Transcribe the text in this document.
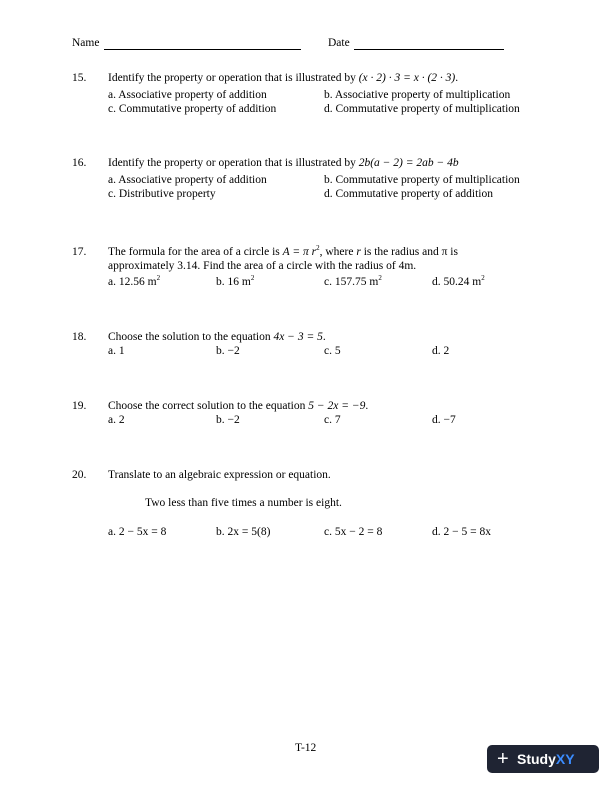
Name	Date
15. Identify the property or operation that is illustrated by (x · 2) · 3 = x · (2 · 3).
a. Associative property of addition	b. Associative property of multiplication
c. Commutative property of addition	d. Commutative property of multiplication
16. Identify the property or operation that is illustrated by 2b(a − 2) = 2ab − 4b
a. Associative property of addition	b. Commutative property of multiplication
c. Distributive property	d. Commutative property of addition
17. The formula for the area of a circle is A = π $r^2$, where r is the radius and π is
approximately 3.14. Find the area of a circle with the radius of 4m.
a. 12.56 $m^2$	b. 16 $m^2$	c. 157.75 $m^2$	d. 50.24 $m^2$
18. Choose the solution to the equation 4x − 3 = 5.
a. 1	b. −2	c. 5	d. 2
19. Choose the correct solution to the equation 5 − 2x = −9.
a. 2	b. −2	c. 7	d. −7
20. Translate to an algebraic expression or equation.
Two less than five times a number is eight.
a. 2 − 5x = 8	b. 2x = 5(8)	c. 5x − 2 = 8	d. 2 − 5 = 8x
T-12	+ StudyXY
